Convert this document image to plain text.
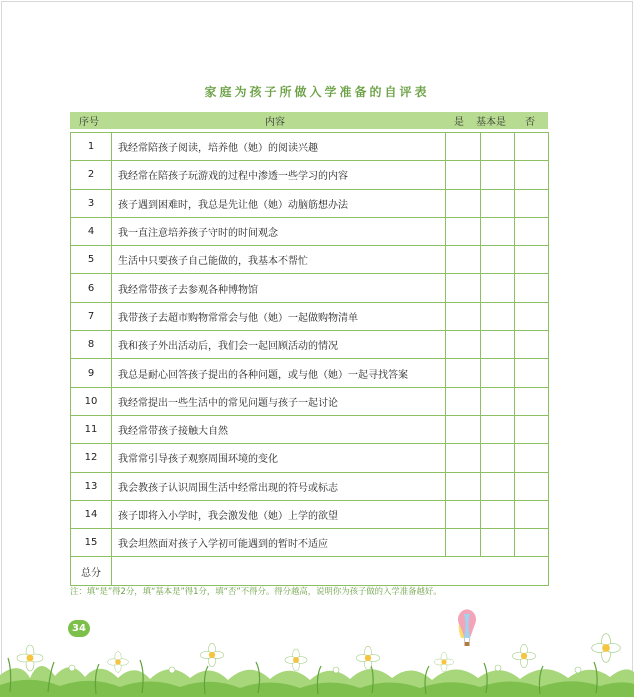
家庭为孩子所做入学准备的自评表
序号	内容	是 基本是 否
1	我经常陪孩子阅读，培养他（她）的阅读兴趣			
2	我经常在陪孩子玩游戏的过程中渗透一些学习的内容			
3	孩子遇到困难时，我总是先让他（她）动脑筋想办法			
4	我一直注意培养孩子守时的时间观念			
5	生活中只要孩子自己能做的，我基本不帮忙			
6	我经常带孩子去参观各种博物馆			
7	我带孩子去超市购物常常会与他（她）一起做购物清单			
8	我和孩子外出活动后，我们会一起回顾活动的情况			
9	我总是耐心回答孩子提出的各种问题，或与他（她）一起寻找答案			
10	我经常提出一些生活中的常见问题与孩子一起讨论			
11	我经常带孩子接触大自然			
12	我常常引导孩子观察周围环境的变化			
13	我会教孩子认识周围生活中经常出现的符号或标志			
14	孩子即将入小学时，我会激发他（她）上学的欲望			
15	我会坦然面对孩子入学初可能遇到的暂时不适应			
总分				
注：填“是”得2分，填“基本是”得1分，填“否”不得分。得分越高，说明你为孩子做的入学准备越好。
34
